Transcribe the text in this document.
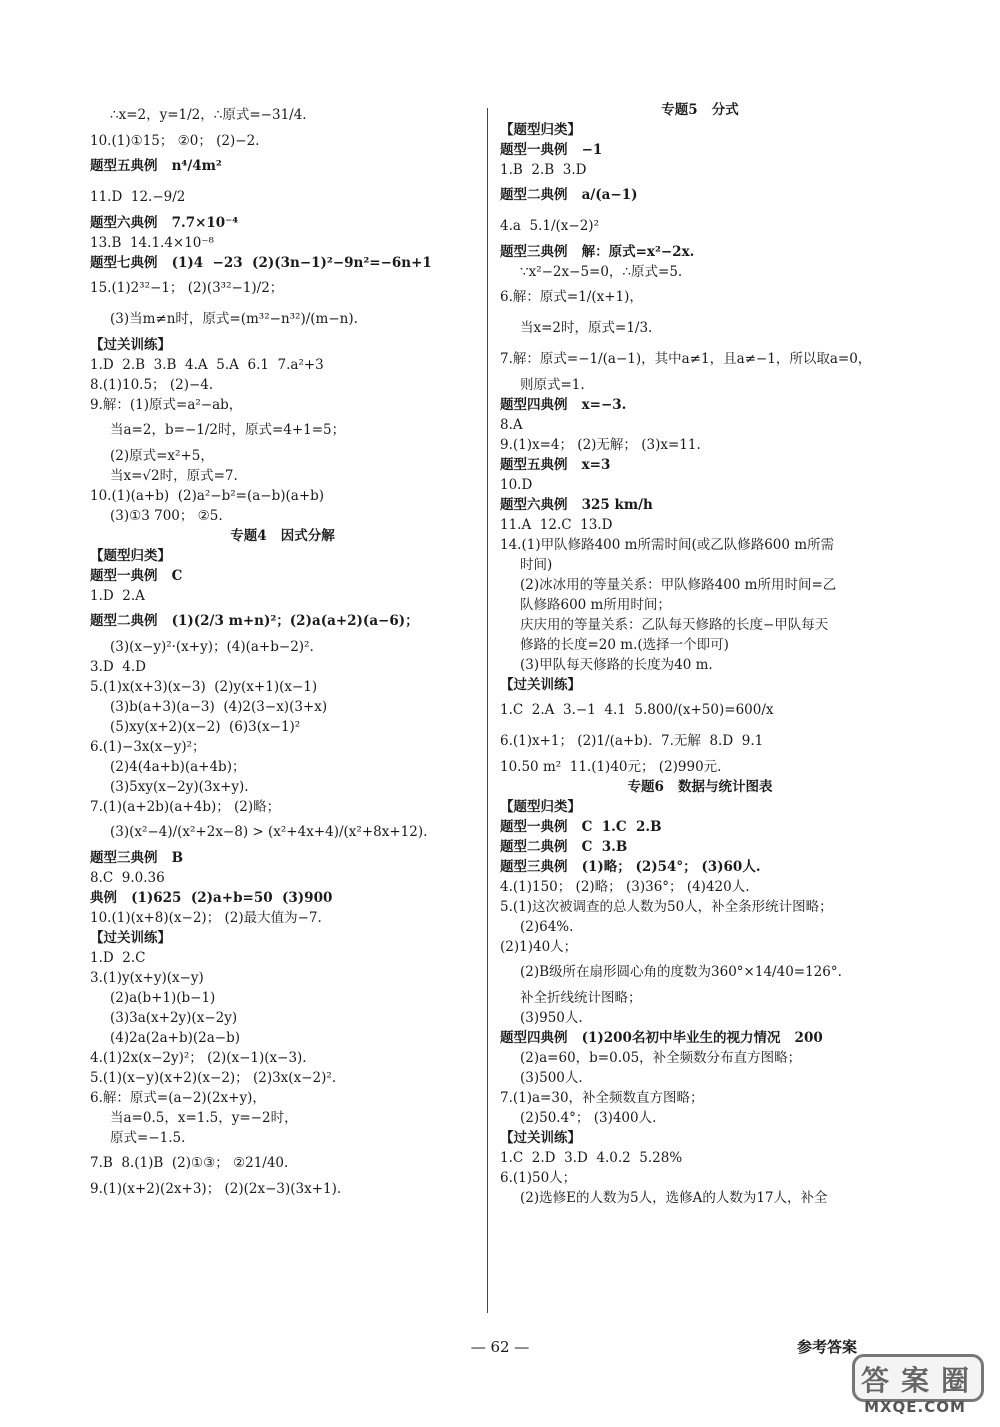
∴x=2，y=1/2，∴原式=−31/4.
10.(1)①15； ②0； (2)−2.
题型五典例   n⁴/4m²
11.D  12.−9/2
题型六典例   7.7×10⁻⁴
13.B  14.1.4×10⁻⁸
题型七典例   (1)4  −23  (2)(3n−1)²−9n²=−6n+1
15.(1)2³²−1； (2)(3³²−1)/2；
(3)当m≠n时，原式=(m³²−n³²)/(m−n).
【过关训练】
1.D  2.B  3.B  4.A  5.A  6.1  7.a²+3
8.(1)10.5； (2)−4.
9.解：(1)原式=a²−ab，
当a=2，b=−1/2时，原式=4+1=5；
(2)原式=x²+5，
当x=√2时，原式=7.
10.(1)(a+b)  (2)a²−b²=(a−b)(a+b)
(3)①3 700； ②5.
专题4   因式分解
【题型归类】
题型一典例   C
1.D  2.A
题型二典例   (1)(2/3 m+n)²；(2)a(a+2)(a−6)；
(3)(x−y)²·(x+y)；(4)(a+b−2)².
3.D  4.D
5.(1)x(x+3)(x−3)  (2)y(x+1)(x−1)
(3)b(a+3)(a−3)  (4)2(3−x)(3+x)
(5)xy(x+2)(x−2)  (6)3(x−1)²
6.(1)−3x(x−y)²；
(2)4(4a+b)(a+4b)；
(3)5xy(x−2y)(3x+y).
7.(1)(a+2b)(a+4b)； (2)略；
(3)(x²−4)/(x²+2x−8) > (x²+4x+4)/(x²+8x+12).
题型三典例   B
8.C  9.0.36
典例   (1)625  (2)a+b=50  (3)900
10.(1)(x+8)(x−2)； (2)最大值为−7.
【过关训练】
1.D  2.C
3.(1)y(x+y)(x−y)
(2)a(b+1)(b−1)
(3)3a(x+2y)(x−2y)
(4)2a(2a+b)(2a−b)
4.(1)2x(x−2y)²； (2)(x−1)(x−3).
5.(1)(x−y)(x+2)(x−2)； (2)3x(x−2)².
6.解：原式=(a−2)(2x+y)，
当a=0.5，x=1.5，y=−2时，
原式=−1.5.
7.B  8.(1)B  (2)①③； ②21/40.
9.(1)(x+2)(2x+3)； (2)(2x−3)(3x+1).
专题5   分式
【题型归类】
题型一典例   −1
1.B  2.B  3.D
题型二典例   a/(a−1)
4.a  5.1/(x−2)²
题型三典例   解：原式=x²−2x.
∵x²−2x−5=0，∴原式=5.
6.解：原式=1/(x+1)，
当x=2时，原式=1/3.
7.解：原式=−1/(a−1)，其中a≠1，且a≠−1，所以取a=0，
则原式=1.
题型四典例   x=−3.
8.A
9.(1)x=4； (2)无解； (3)x=11.
题型五典例   x=3
10.D
题型六典例   325 km/h
11.A  12.C  13.D
14.(1)甲队修路400 m所需时间(或乙队修路600 m所需
时间)
(2)冰冰用的等量关系：甲队修路400 m所用时间=乙
队修路600 m所用时间；
庆庆用的等量关系：乙队每天修路的长度−甲队每天
修路的长度=20 m.(选择一个即可)
(3)甲队每天修路的长度为40 m.
【过关训练】
1.C  2.A  3.−1  4.1  5.800/(x+50)=600/x
6.(1)x+1； (2)1/(a+b).  7.无解  8.D  9.1
10.50 m²  11.(1)40元； (2)990元.
专题6   数据与统计图表
【题型归类】
题型一典例   C  1.C  2.B
题型二典例   C  3.B
题型三典例   (1)略； (2)54°； (3)60人.
4.(1)150； (2)略； (3)36°； (4)420人.
5.(1)这次被调查的总人数为50人，补全条形统计图略；
(2)64%.
(2)1)40人；
(2)B级所在扇形圆心角的度数为360°×14/40=126°.
补全折线统计图略；
(3)950人.
题型四典例   (1)200名初中毕业生的视力情况   200
(2)a=60，b=0.05，补全频数分布直方图略；
(3)500人.
7.(1)a=30，补全频数直方图略；
(2)50.4°； (3)400人.
【过关训练】
1.C  2.D  3.D  4.0.2  5.28%
6.(1)50人；
(2)选修E的人数为5人，选修A的人数为17人，补全
— 62 —	参考答案
答 案 圈
MXQE.COM
